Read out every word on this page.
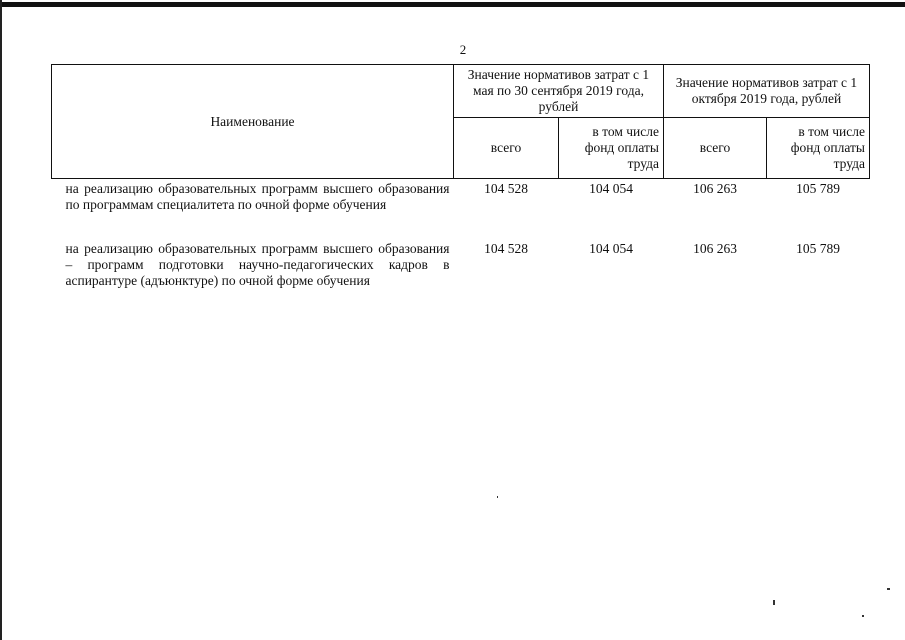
2
Наименование	Значение нормативов затрат с 1 мая по 30 сентября 2019 года, рублей		Значение нормативов затрат с 1 октября 2019 года, рублей	
	всего	в том числе фонд оплаты труда	всего	в том числе фонд оплаты труда

на реализацию образовательных программ высшего образования по программам специалитета по очной форме обучения	104 528	104 054	106 263	105 789

на реализацию образовательных программ высшего образования – программ подготовки научно-педагогических кадров в аспирантуре (адъюнктуре) по очной форме обучения	104 528	104 054	106 263	105 789
